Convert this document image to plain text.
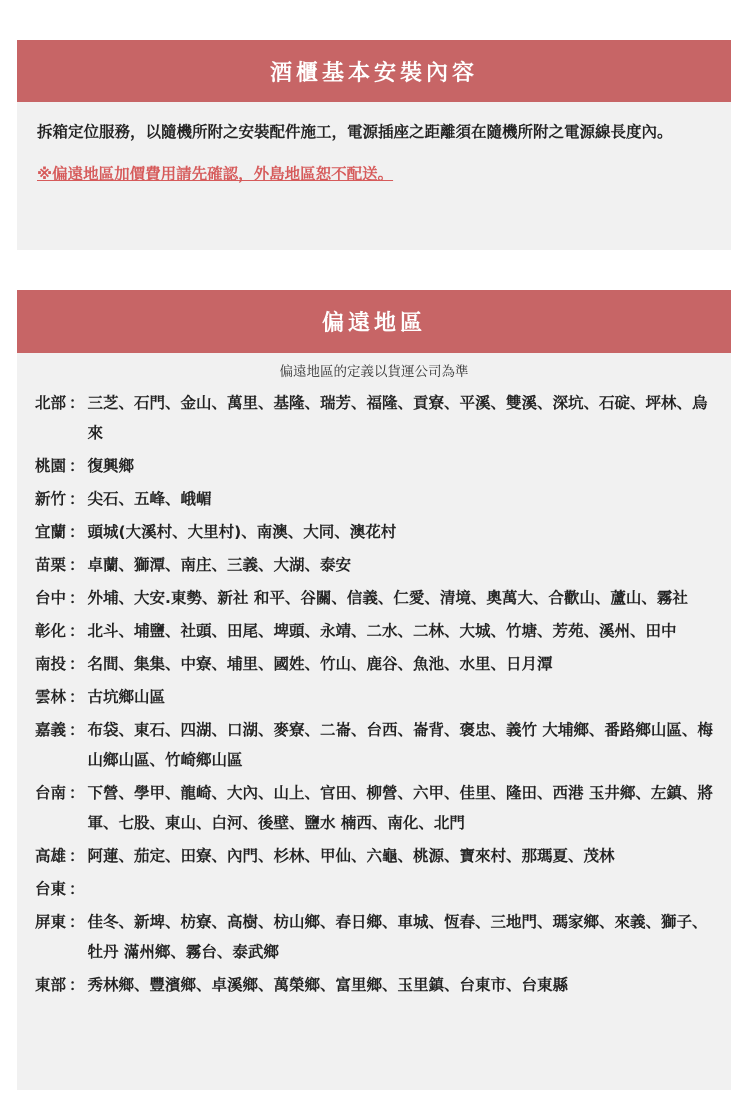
酒櫃基本安裝內容
拆箱定位服務，以隨機所附之安裝配件施工，電源插座之距離須在隨機所附之電源線長度內。
※偏遠地區加價費用請先確認，外島地區恕不配送。
偏遠地區
偏遠地區的定義以貨運公司為準
北部 ： 三芝、石門、金山、萬里、基隆、瑞芳、福隆、貢寮、平溪、雙溪、深坑、石碇、坪林、烏來
桃園 ： 復興鄉
新竹 ： 尖石、五峰、峨嵋
宜蘭 ： 頭城(大溪村、大里村)、南澳、大同、澳花村
苗栗 ： 卓蘭、獅潭、南庄、三義、大湖、泰安
台中 ： 外埔、大安.東勢、新社 和平、谷關、信義、仁愛、清境、奧萬大、合歡山、蘆山、霧社
彰化 ： 北斗、埔鹽、社頭、田尾、埤頭、永靖、二水、二林、大城、竹塘、芳苑、溪州、田中
南投 ： 名間、集集、中寮、埔里、國姓、竹山、鹿谷、魚池、水里、日月潭
雲林 ： 古坑鄉山區
嘉義 ： 布袋、東石、四湖、口湖、麥寮、二崙、台西、崙背、褒忠、義竹 大埔鄉、番路鄉山區、梅山鄉山區、竹崎鄉山區
台南 ： 下營、學甲、龍崎、大內、山上、官田、柳營、六甲、佳里、隆田、西港 玉井鄉、左鎮、將軍、七股、東山、白河、後壁、鹽水 楠西、南化、北門
高雄 ： 阿蓮、茄定、田寮、內門、杉林、甲仙、六龜、桃源、寶來村、那瑪夏、茂林
台東 ：
屏東 ： 佳冬、新埤、枋寮、高樹、枋山鄉、春日鄉、車城、恆春、三地門、瑪家鄉、來義、獅子、牡丹 滿州鄉、霧台、泰武鄉
東部 ： 秀林鄉、豐濱鄉、卓溪鄉、萬榮鄉、富里鄉、玉里鎮、台東市、台東縣
